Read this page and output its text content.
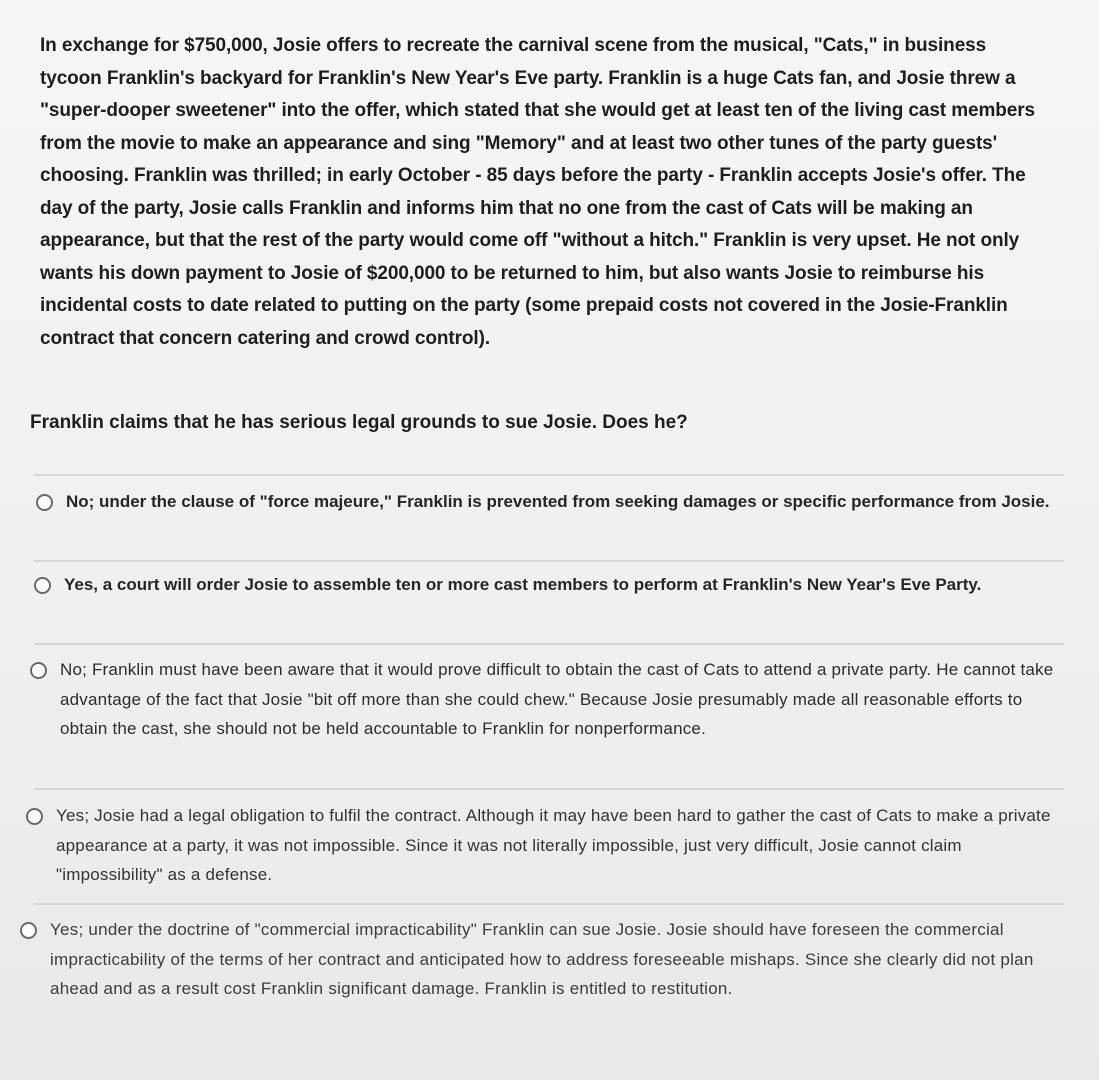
In exchange for $750,000, Josie offers to recreate the carnival scene from the musical, "Cats," in business tycoon Franklin's backyard for Franklin's New Year's Eve party. Franklin is a huge Cats fan, and Josie threw a "super-dooper sweetener" into the offer, which stated that she would get at least ten of the living cast members from the movie to make an appearance and sing "Memory" and at least two other tunes of the party guests' choosing. Franklin was thrilled; in early October - 85 days before the party - Franklin accepts Josie's offer. The day of the party, Josie calls Franklin and informs him that no one from the cast of Cats will be making an appearance, but that the rest of the party would come off "without a hitch." Franklin is very upset. He not only wants his down payment to Josie of $200,000 to be returned to him, but also wants Josie to reimburse his incidental costs to date related to putting on the party (some prepaid costs not covered in the Josie-Franklin contract that concern catering and crowd control).
Franklin claims that he has serious legal grounds to sue Josie. Does he?
No; under the clause of "force majeure," Franklin is prevented from seeking damages or specific performance from Josie.
Yes, a court will order Josie to assemble ten or more cast members to perform at Franklin's New Year's Eve Party.
No; Franklin must have been aware that it would prove difficult to obtain the cast of Cats to attend a private party. He cannot take advantage of the fact that Josie "bit off more than she could chew." Because Josie presumably made all reasonable efforts to obtain the cast, she should not be held accountable to Franklin for nonperformance.
Yes; Josie had a legal obligation to fulfil the contract. Although it may have been hard to gather the cast of Cats to make a private appearance at a party, it was not impossible. Since it was not literally impossible, just very difficult, Josie cannot claim "impossibility" as a defense.
Yes; under the doctrine of "commercial impracticability" Franklin can sue Josie. Josie should have foreseen the commercial impracticability of the terms of her contract and anticipated how to address foreseeable mishaps. Since she clearly did not plan ahead and as a result cost Franklin significant damage. Franklin is entitled to restitution.
